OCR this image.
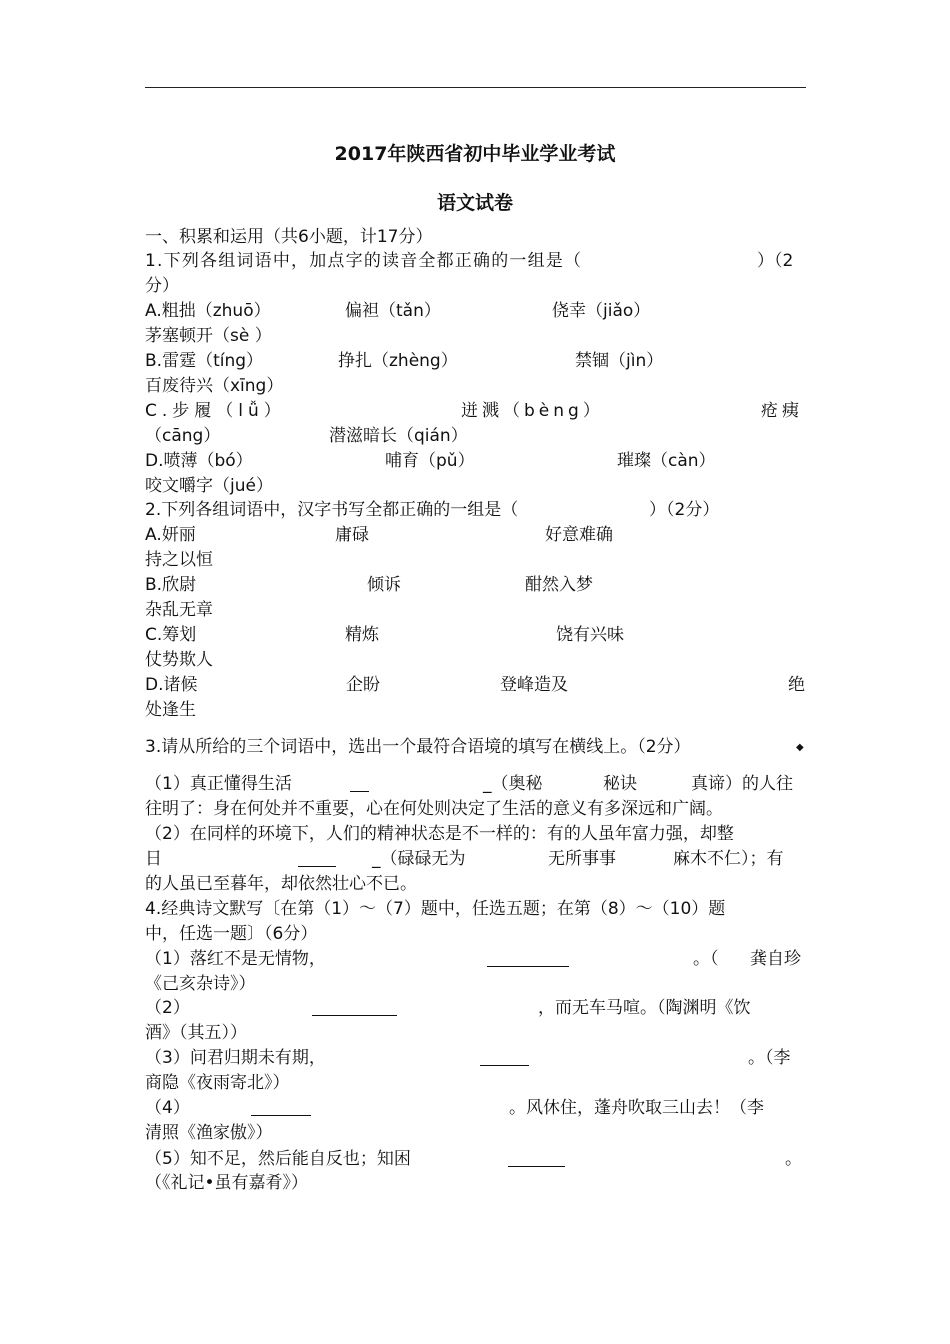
2017年陕西省初中毕业学业考试
语文试卷
一、积累和运用（共6小题，计17分）
1.下列各组词语中，加点字的读音全都正确的一组是（	）（2
分）
A.粗拙（zhuō）	偏袒（tǎn）	侥幸（jiǎo）
茅塞顿开（sè ）
B.雷霆（tíng）	挣扎（zhèng）	禁锢（jìn）
百废待兴（xīng）
C.步履（lǚ）	迸溅（bèng）	疮痍
（cāng）	潜滋暗长（qián）
D.喷薄（bó）	哺育（pǔ）	璀璨（càn）
咬文嚼字（jué）
2.下列各组词语中，汉字书写全都正确的一组是（	）（2分）
A.妍丽	庸碌	好意难确
持之以恒
B.欣尉	倾诉	酣然入梦
杂乱无章
C.筹划	精炼	饶有兴味
仗势欺人
D.诸候	企盼	登峰造及	绝
处逢生
3.请从所给的三个词语中，选出一个最符合语境的填写在横线上。（2分）	◆
（1）真正懂得生活	_（奥秘	秘诀	真谛）的人往
往明了：身在何处并不重要，心在何处则决定了生活的意义有多深远和广阔。
（2）在同样的环境下，人们的精神状态是不一样的：有的人虽年富力强，却整
日	_（碌碌无为	无所事事	麻木不仁）；有
的人虽已至暮年，却依然壮心不已。
4.经典诗文默写〔在第（1）～（7）题中，任选五题；在第（8）～（10）题
中，任选一题〕（6分）
（1）落红不是无情物，	。（ 龚自珍
《己亥杂诗》）
（2）	，而无车马喧。（陶渊明《饮
酒》（其五））
（3）问君归期未有期，	。（李
商隐《夜雨寄北》）
（4）	。风休住，蓬舟吹取三山去！（李
清照《渔家傲》）
（5）知不足，然后能自反也；知困	。
（《礼记•虽有嘉肴》）
